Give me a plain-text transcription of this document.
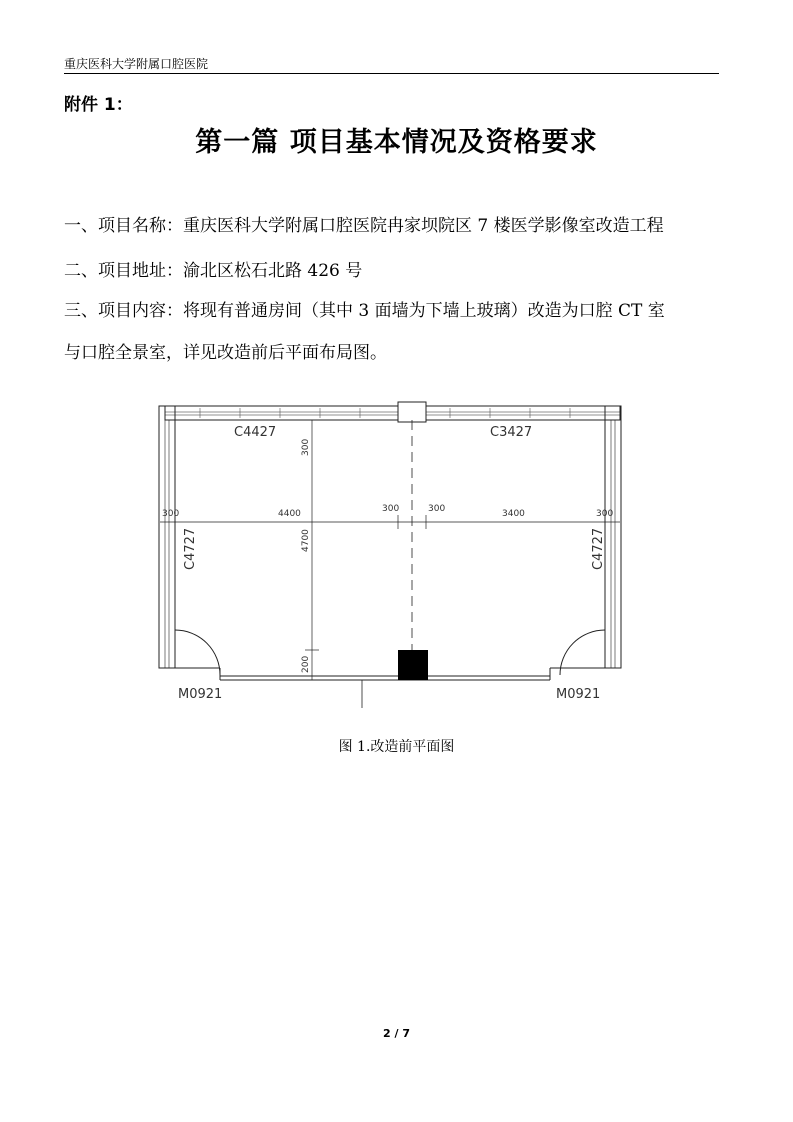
重庆医科大学附属口腔医院
附件 1：
第一篇 项目基本情况及资格要求
一、项目名称：重庆医科大学附属口腔医院冉家坝院区 7 楼医学影像室改造工程
二、项目地址：渝北区松石北路 426 号
三、项目内容：将现有普通房间（其中 3 面墙为下墙上玻璃）改造为口腔 CT 室
与口腔全景室，详见改造前后平面布局图。
C4427	C3427
C4727	C4727
M0921	M0921
300	4400	300	300	3400	300
300
4700
200
图 1.改造前平面图
2 / 7
